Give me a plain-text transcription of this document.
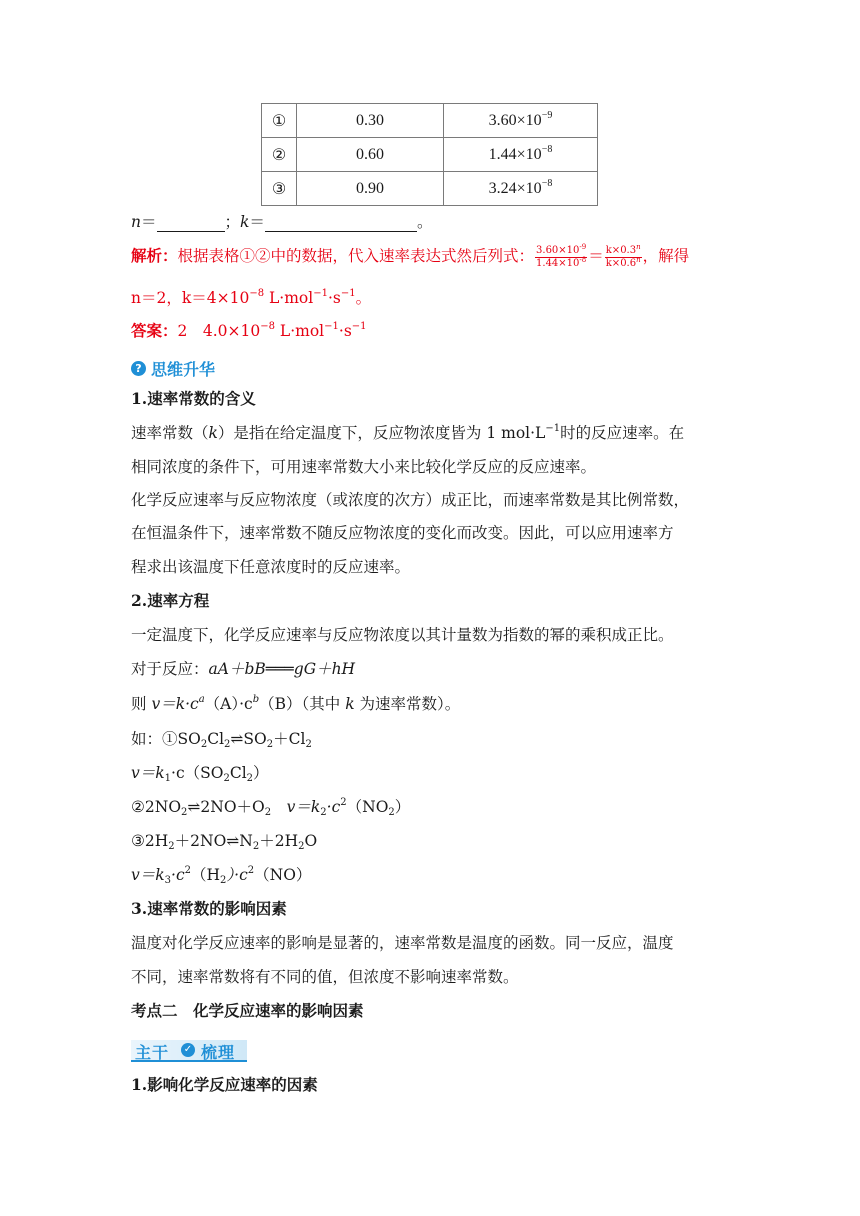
①	0.30	$3.60\times 10^{-9}$
②	0.60	$1.44\times 10^{-8}$
③	0.90	$3.24\times 10^{-8}$
n＝	；k＝	。
解析：根据表格①②中的数据，代入速率表达式然后列式： $\frac{3.60\times 10^{-9}}{1.44\times 10^{-8}} = \frac{k\times 0.3^n}{k\times 0.6^n}$ ，解得
n＝2，$k=4\times 10^{-8}$ $L\cdot mol^{-1}\cdot s^{-1}$。
答案：2　$4.0\times 10^{-8}$ $L\cdot mol^{-1}\cdot s^{-1}$
? 思维升华
1.速率常数的含义
速率常数（k）是指在给定温度下，反应物浓度皆为 1 $mol\cdot L^{-1}$时的反应速率。在
相同浓度的条件下，可用速率常数大小来比较化学反应的反应速率。
化学反应速率与反应物浓度（或浓度的次方）成正比，而速率常数是其比例常数，
在恒温条件下，速率常数不随反应物浓度的变化而改变。因此，可以应用速率方
程求出该温度下任意浓度时的反应速率。
2.速率方程
一定温度下，化学反应速率与反应物浓度以其计量数为指数的幂的乘积成正比。
对于反应：aA＋bB═══gG＋hH
则 $v=k\cdot c^a(A)\cdot c^b(B)$（其中 k 为速率常数）。
如：$①SO_2Cl_2\rightleftharpoons SO_2+Cl_2$
$v=k_1\cdot c(SO_2Cl_2)$
$②2NO_2\rightleftharpoons 2NO+O_2$　$v=k_2\cdot c^2(NO_2)$
$③2H_2+2NO\rightleftharpoons N_2+2H_2O$
$v=k_3\cdot c^2(H_2)\cdot c^2(NO)$
3.速率常数的影响因素
温度对化学反应速率的影响是显著的，速率常数是温度的函数。同一反应，温度
不同，速率常数将有不同的值，但浓度不影响速率常数。
考点二　化学反应速率的影响因素
主干 ✓ 梳理
1.影响化学反应速率的因素
